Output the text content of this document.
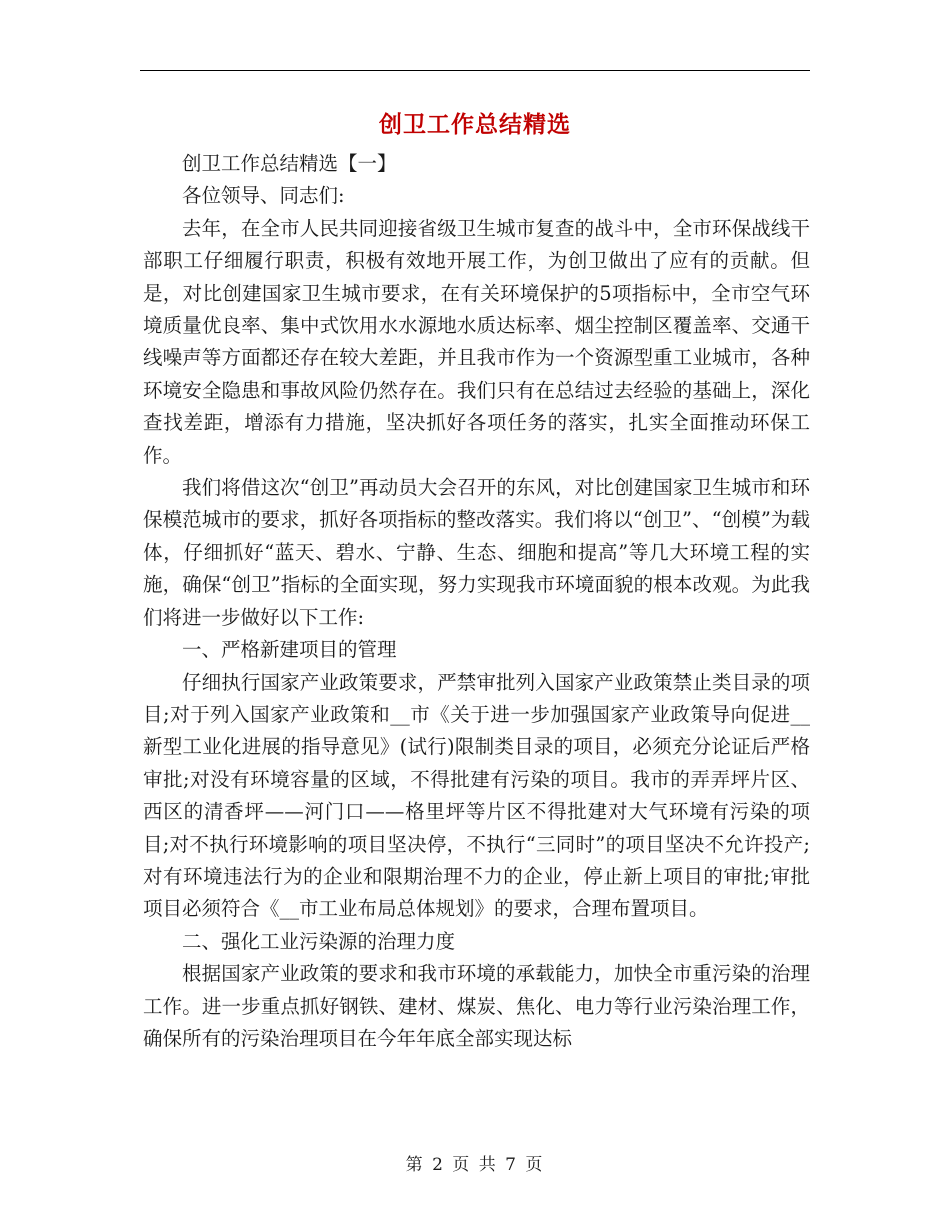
创卫工作总结精选

创卫工作总结精选【一】

各位领导、同志们:

去年，在全市人民共同迎接省级卫生城市复查的战斗中，全市环保战线干部职工仔细履行职责，积极有效地开展工作，为创卫做出了应有的贡献。但是，对比创建国家卫生城市要求，在有关环境保护的5项指标中，全市空气环境质量优良率、集中式饮用水水源地水质达标率、烟尘控制区覆盖率、交通干线噪声等方面都还存在较大差距，并且我市作为一个资源型重工业城市，各种环境安全隐患和事故风险仍然存在。我们只有在总结过去经验的基础上，深化查找差距，增添有力措施，坚决抓好各项任务的落实，扎实全面推动环保工作。

我们将借这次“创卫”再动员大会召开的东风，对比创建国家卫生城市和环保模范城市的要求，抓好各项指标的整改落实。我们将以“创卫”、“创模”为载体，仔细抓好“蓝天、碧水、宁静、生态、细胞和提高”等几大环境工程的实施，确保“创卫”指标的全面实现，努力实现我市环境面貌的根本改观。为此我们将进一步做好以下工作:

一、严格新建项目的管理

仔细执行国家产业政策要求，严禁审批列入国家产业政策禁止类目录的项目;对于列入国家产业政策和__市《关于进一步加强国家产业政策导向促进__新型工业化进展的指导意见》(试行)限制类目录的项目，必须充分论证后严格审批;对没有环境容量的区域，不得批建有污染的项目。我市的弄弄坪片区、西区的清香坪——河门口——格里坪等片区不得批建对大气环境有污染的项目;对不执行环境影响的项目坚决停，不执行“三同时”的项目坚决不允许投产;对有环境违法行为的企业和限期治理不力的企业，停止新上项目的审批;审批项目必须符合《__市工业布局总体规划》的要求，合理布置项目。

二、强化工业污染源的治理力度

根据国家产业政策的要求和我市环境的承载能力，加快全市重污染的治理工作。进一步重点抓好钢铁、建材、煤炭、焦化、电力等行业污染治理工作，确保所有的污染治理项目在今年年底全部实现达标

第 2 页 共 7 页
